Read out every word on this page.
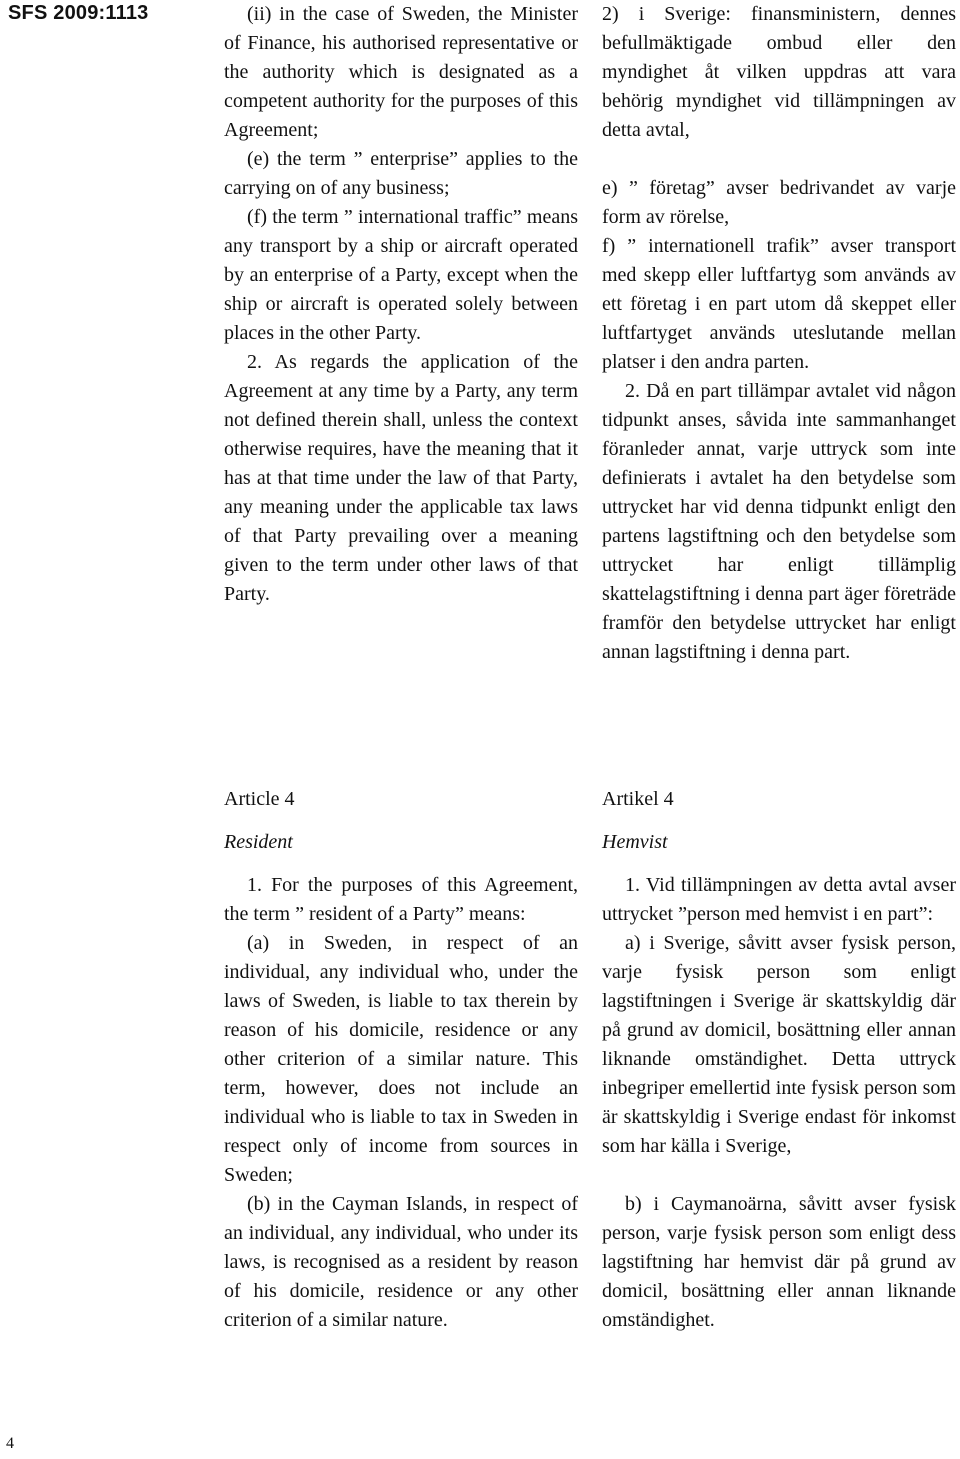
SFS 2009:1113	(ii) in the case of Sweden, the Minister of Finance, his authorised representative or the authority which is designated as a competent authority for the purposes of this Agreement;

(e) the term ” enterprise” applies to the carrying on of any business;

(f) the term ” international traffic” means any transport by a ship or aircraft operated by an enterprise of a Party, except when the ship or aircraft is operated solely between places in the other Party.

2. As regards the application of the Agreement at any time by a Party, any term not defined therein shall, unless the context otherwise requires, have the meaning that it has at that time under the law of that Party, any meaning under the applicable tax laws of that Party prevailing over a meaning given to the term under other laws of that Party.

2) i Sverige: finansministern, dennes befullmäktigade ombud eller den myndighet åt vilken uppdras att vara behörig myndighet vid tillämpningen av detta avtal,

e) ” företag” avser bedrivandet av varje form av rörelse,

f) ” internationell trafik” avser transport med skepp eller luftfartyg som används av ett företag i en part utom då skeppet eller luftfartyget används uteslutande mellan platser i den andra parten.

2. Då en part tillämpar avtalet vid någon tidpunkt anses, såvida inte sammanhanget föranleder annat, varje uttryck som inte definierats i avtalet ha den betydelse som uttrycket har vid denna tidpunkt enligt den partens lagstiftning och den betydelse som uttrycket har enligt tillämplig skattelagstiftning i denna part äger företräde framför den betydelse uttrycket har enligt annan lagstiftning i denna part.

Article 4
Resident

1. For the purposes of this Agreement, the term ” resident of a Party” means:

(a) in Sweden, in respect of an individual, any individual who, under the laws of Sweden, is liable to tax therein by reason of his domicile, residence or any other criterion of a similar nature. This term, however, does not include an individual who is liable to tax in Sweden in respect only of income from sources in Sweden;

(b) in the Cayman Islands, in respect of an individual, any individual, who under its laws, is recognised as a resident by reason of his domicile, residence or any other criterion of a similar nature.

Artikel 4
Hemvist

1. Vid tillämpningen av detta avtal avser uttrycket ”person med hemvist i en part”:

a) i Sverige, såvitt avser fysisk person, varje fysisk person som enligt lagstiftningen i Sverige är skattskyldig där på grund av domicil, bosättning eller annan liknande omständighet. Detta uttryck inbegriper emellertid inte fysisk person som är skattskyldig i Sverige endast för inkomst som har källa i Sverige,

b) i Caymanoärna, såvitt avser fysisk person, varje fysisk person som enligt dess lagstiftning har hemvist där på grund av domicil, bosättning eller annan liknande omständighet.

4
